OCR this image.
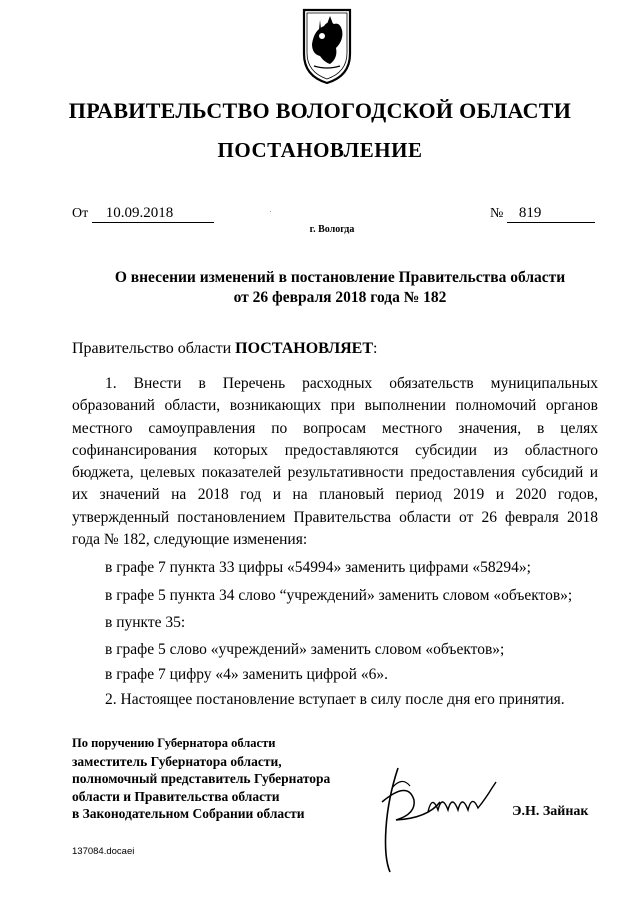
ПРАВИТЕЛЬСТВО ВОЛОГОДСКОЙ ОБЛАСТИ
ПОСТАНОВЛЕНИЕ
От 10.09.2018	№ 819
г. Вологда
О внесении изменений в постановление Правительства области
от 26 февраля 2018 года № 182
Правительство области ПОСТАНОВЛЯЕТ:
1. Внести в Перечень расходных обязательств муниципальных образований области, возникающих при выполнении полномочий органов местного самоуправления по вопросам местного значения, в целях софинансирования которых предоставляются субсидии из областного бюджета, целевых показателей результативности предоставления субсидий и их значений на 2018 год и на плановый период 2019 и 2020 годов, утвержденный постановлением Правительства области от 26 февраля 2018 года № 182, следующие изменения:
в графе 7 пункта 33 цифры «54994» заменить цифрами «58294»;
в графе 5 пункта 34 слово “учреждений» заменить словом «объектов»;
в пункте 35:
в графе 5 слово «учреждений» заменить словом «объектов»;
в графе 7 цифру «4» заменить цифрой «6».
2. Настоящее постановление вступает в силу после дня его принятия.
По поручению Губернатора области
заместитель Губернатора области,
полномочный представитель Губернатора
области и Правительства области
в Законодательном Собрании области	Э.Н. Зайнак
137084.docaei
